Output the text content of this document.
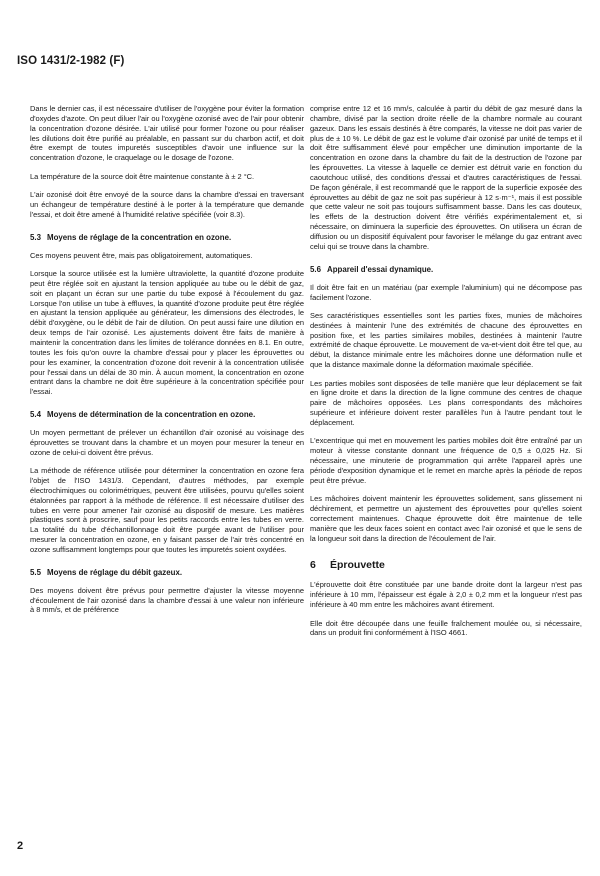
ISO 1431/2-1982 (F)

Dans le dernier cas, il est nécessaire d'utiliser de l'oxygène pour éviter la formation d'oxydes d'azote. On peut diluer l'air ou l'oxygène ozonisé avec de l'air pour obtenir la concentration d'ozone désirée. L'air utilisé pour former l'ozone ou pour réaliser les dilutions doit être purifié au préalable, en passant sur du charbon actif, et doit être exempt de toutes impuretés susceptibles d'avoir une influence sur la concentration d'ozone, le craquelage ou le dosage de l'ozone.

La température de la source doit être maintenue constante à ± 2 °C.

L'air ozonisé doit être envoyé de la source dans la chambre d'essai en traversant un échangeur de température destiné à le porter à la température que demande l'essai, et doit être amené à l'humidité relative spécifiée (voir 8.3).

5.3 Moyens de réglage de la concentration en ozone.

Ces moyens peuvent être, mais pas obligatoirement, automatiques.

Lorsque la source utilisée est la lumière ultraviolette, la quantité d'ozone produite peut être réglée soit en ajustant la tension appliquée au tube ou le débit de gaz, soit en plaçant un écran sur une partie du tube exposé à l'écoulement du gaz. Lorsque l'on utilise un tube à effluves, la quantité d'ozone produite peut être réglée en ajustant la tension appliquée au générateur, les dimensions des électrodes, le débit d'oxygène, ou le débit de l'air de dilution. On peut aussi faire une dilution en deux temps de l'air ozonisé. Les ajustements doivent être faits de manière à maintenir la concentration dans les limites de tolérance données en 8.1. En outre, toutes les fois qu'on ouvre la chambre d'essai pour y placer les éprouvettes ou pour les examiner, la concentration d'ozone doit revenir à la concentration utilisée pour l'essai dans un délai de 30 min. À aucun moment, la concentration en ozone entrant dans la chambre ne doit être supérieure à la concentration spécifiée pour l'essai.

5.4 Moyens de détermination de la concentration en ozone.

Un moyen permettant de prélever un échantillon d'air ozonisé au voisinage des éprouvettes se trouvant dans la chambre et un moyen pour mesurer la teneur en ozone de celui-ci doivent être prévus.

La méthode de référence utilisée pour déterminer la concentration en ozone fera l'objet de l'ISO 1431/3. Cependant, d'autres méthodes, par exemple électrochimiques ou colorimétriques, peuvent être utilisées, pourvu qu'elles soient étalonnées par rapport à la méthode de référence. Il est nécessaire d'utiliser des tubes en verre pour amener l'air ozonisé au dispositif de mesure. Les matières plastiques sont à proscrire, sauf pour les petits raccords entre les tubes en verre. La totalité du tube d'échantillonnage doit être purgée avant de l'utiliser pour mesurer la concentration en ozone, en y faisant passer de l'air très concentré en ozone suffisamment longtemps pour que toutes les impuretés soient oxydées.

5.5 Moyens de réglage du débit gazeux.

Des moyens doivent être prévus pour permettre d'ajuster la vitesse moyenne d'écoulement de l'air ozonisé dans la chambre d'essai à une valeur non inférieure à 8 mm/s, et de préférence

comprise entre 12 et 16 mm/s, calculée à partir du débit de gaz mesuré dans la chambre, divisé par la section droite réelle de la chambre normale au courant gazeux. Dans les essais destinés à être comparés, la vitesse ne doit pas varier de plus de ± 10 %. Le débit de gaz est le volume d'air ozonisé par unité de temps et il doit être suffisamment élevé pour empêcher une diminution importante de la concentration en ozone dans la chambre du fait de la destruction de l'ozone par les éprouvettes. La vitesse à laquelle ce dernier est détruit varie en fonction du caoutchouc utilisé, des conditions d'essai et d'autres caractéristiques de l'essai. De façon générale, il est recommandé que le rapport de la superficie exposée des éprouvettes au débit de gaz ne soit pas supérieur à 12 s·m⁻¹, mais il est possible que cette valeur ne soit pas toujours suffisamment basse. Dans les cas douteux, les effets de la destruction doivent être vérifiés expérimentalement et, si nécessaire, on diminuera la superficie des éprouvettes. On utilisera un écran de diffusion ou un dispositif équivalent pour favoriser le mélange du gaz entrant avec celui qui se trouve dans la chambre.

5.6 Appareil d'essai dynamique.

Il doit être fait en un matériau (par exemple l'aluminium) qui ne décompose pas facilement l'ozone.

Ses caractéristiques essentielles sont les parties fixes, munies de mâchoires destinées à maintenir l'une des extrémités de chacune des éprouvettes en position fixe, et les parties similaires mobiles, destinées à maintenir l'autre extrémité de chaque éprouvette. Le mouvement de va-et-vient doit être tel que, au début, la distance minimale entre les mâchoires donne une déformation nulle et que la distance maximale donne la déformation maximale spécifiée.

Les parties mobiles sont disposées de telle manière que leur déplacement se fait en ligne droite et dans la direction de la ligne commune des centres de chaque paire de mâchoires opposées. Les plans correspondants des mâchoires supérieure et inférieure doivent rester parallèles l'un à l'autre pendant tout le déplacement.

L'excentrique qui met en mouvement les parties mobiles doit être entraîné par un moteur à vitesse constante donnant une fréquence de 0,5 ± 0,025 Hz. Si nécessaire, une minuterie de programmation qui arrête l'appareil après une période d'exposition dynamique et le remet en marche après la période de repos peut être prévue.

Les mâchoires doivent maintenir les éprouvettes solidement, sans glissement ni déchirement, et permettre un ajustement des éprouvettes pour qu'elles soient correctement maintenues. Chaque éprouvette doit être maintenue de telle manière que les deux faces soient en contact avec l'air ozonisé et que le sens de la longueur soit dans la direction de l'écoulement de l'air.

6 Éprouvette

L'éprouvette doit être constituée par une bande droite dont la largeur n'est pas inférieure à 10 mm, l'épaisseur est égale à 2,0 ± 0,2 mm et la longueur n'est pas inférieure à 40 mm entre les mâchoires avant étirement.

Elle doit être découpée dans une feuille fraîchement moulée ou, si nécessaire, dans un produit fini conformément à l'ISO 4661.

2
